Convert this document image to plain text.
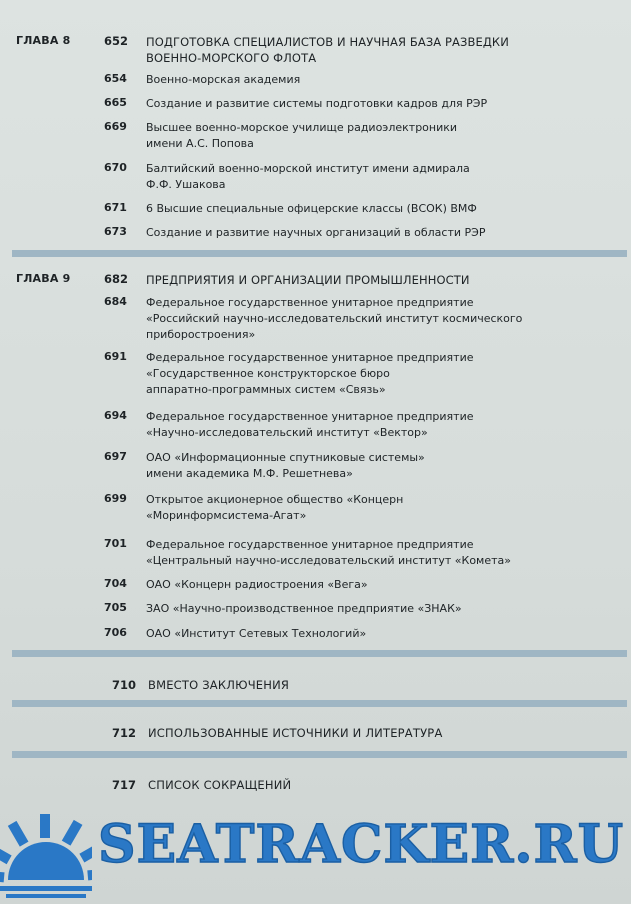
ГЛАВА 8	652	ПОДГОТОВКА СПЕЦИАЛИСТОВ И НАУЧНАЯ БАЗА РАЗВЕДКИ
ВОЕННО-МОРСКОГО ФЛОТА
654	Военно-морская академия
665	Создание и развитие системы подготовки кадров для РЭР
669	Высшее военно-морское училище радиоэлектроники
имени А.С. Попова
670	Балтийский военно-морской институт имени адмирала
Ф.Ф. Ушакова
671	6 Высшие специальные офицерские классы (ВСОК) ВМФ
673	Создание и развитие научных организаций в области РЭР
ГЛАВА 9	682	ПРЕДПРИЯТИЯ И ОРГАНИЗАЦИИ ПРОМЫШЛЕННОСТИ
684	Федеральное государственное унитарное предприятие
«Российский научно-исследовательский институт космического
приборостроения»
691	Федеральное государственное унитарное предприятие
«Государственное конструкторское бюро
аппаратно-программных систем «Связь»
694	Федеральное государственное унитарное предприятие
«Научно-исследовательский институт «Вектор»
697	ОАО «Информационные спутниковые системы»
имени академика М.Ф. Решетнева»
699	Открытое акционерное общество «Концерн
«Моринформсистема-Агат»
701	Федеральное государственное унитарное предприятие
«Центральный научно-исследовательский институт «Комета»
704	ОАО «Концерн радиостроения «Вега»
705	ЗАО «Научно-производственное предприятие «ЗНАК»
706	ОАО «Институт Сетевых Технологий»
710 ВМЕСТО ЗАКЛЮЧЕНИЯ
712 ИСПОЛЬЗОВАННЫЕ ИСТОЧНИКИ И ЛИТЕРАТУРА
717 СПИСОК СОКРАЩЕНИЙ
SEATRACKER.RU
